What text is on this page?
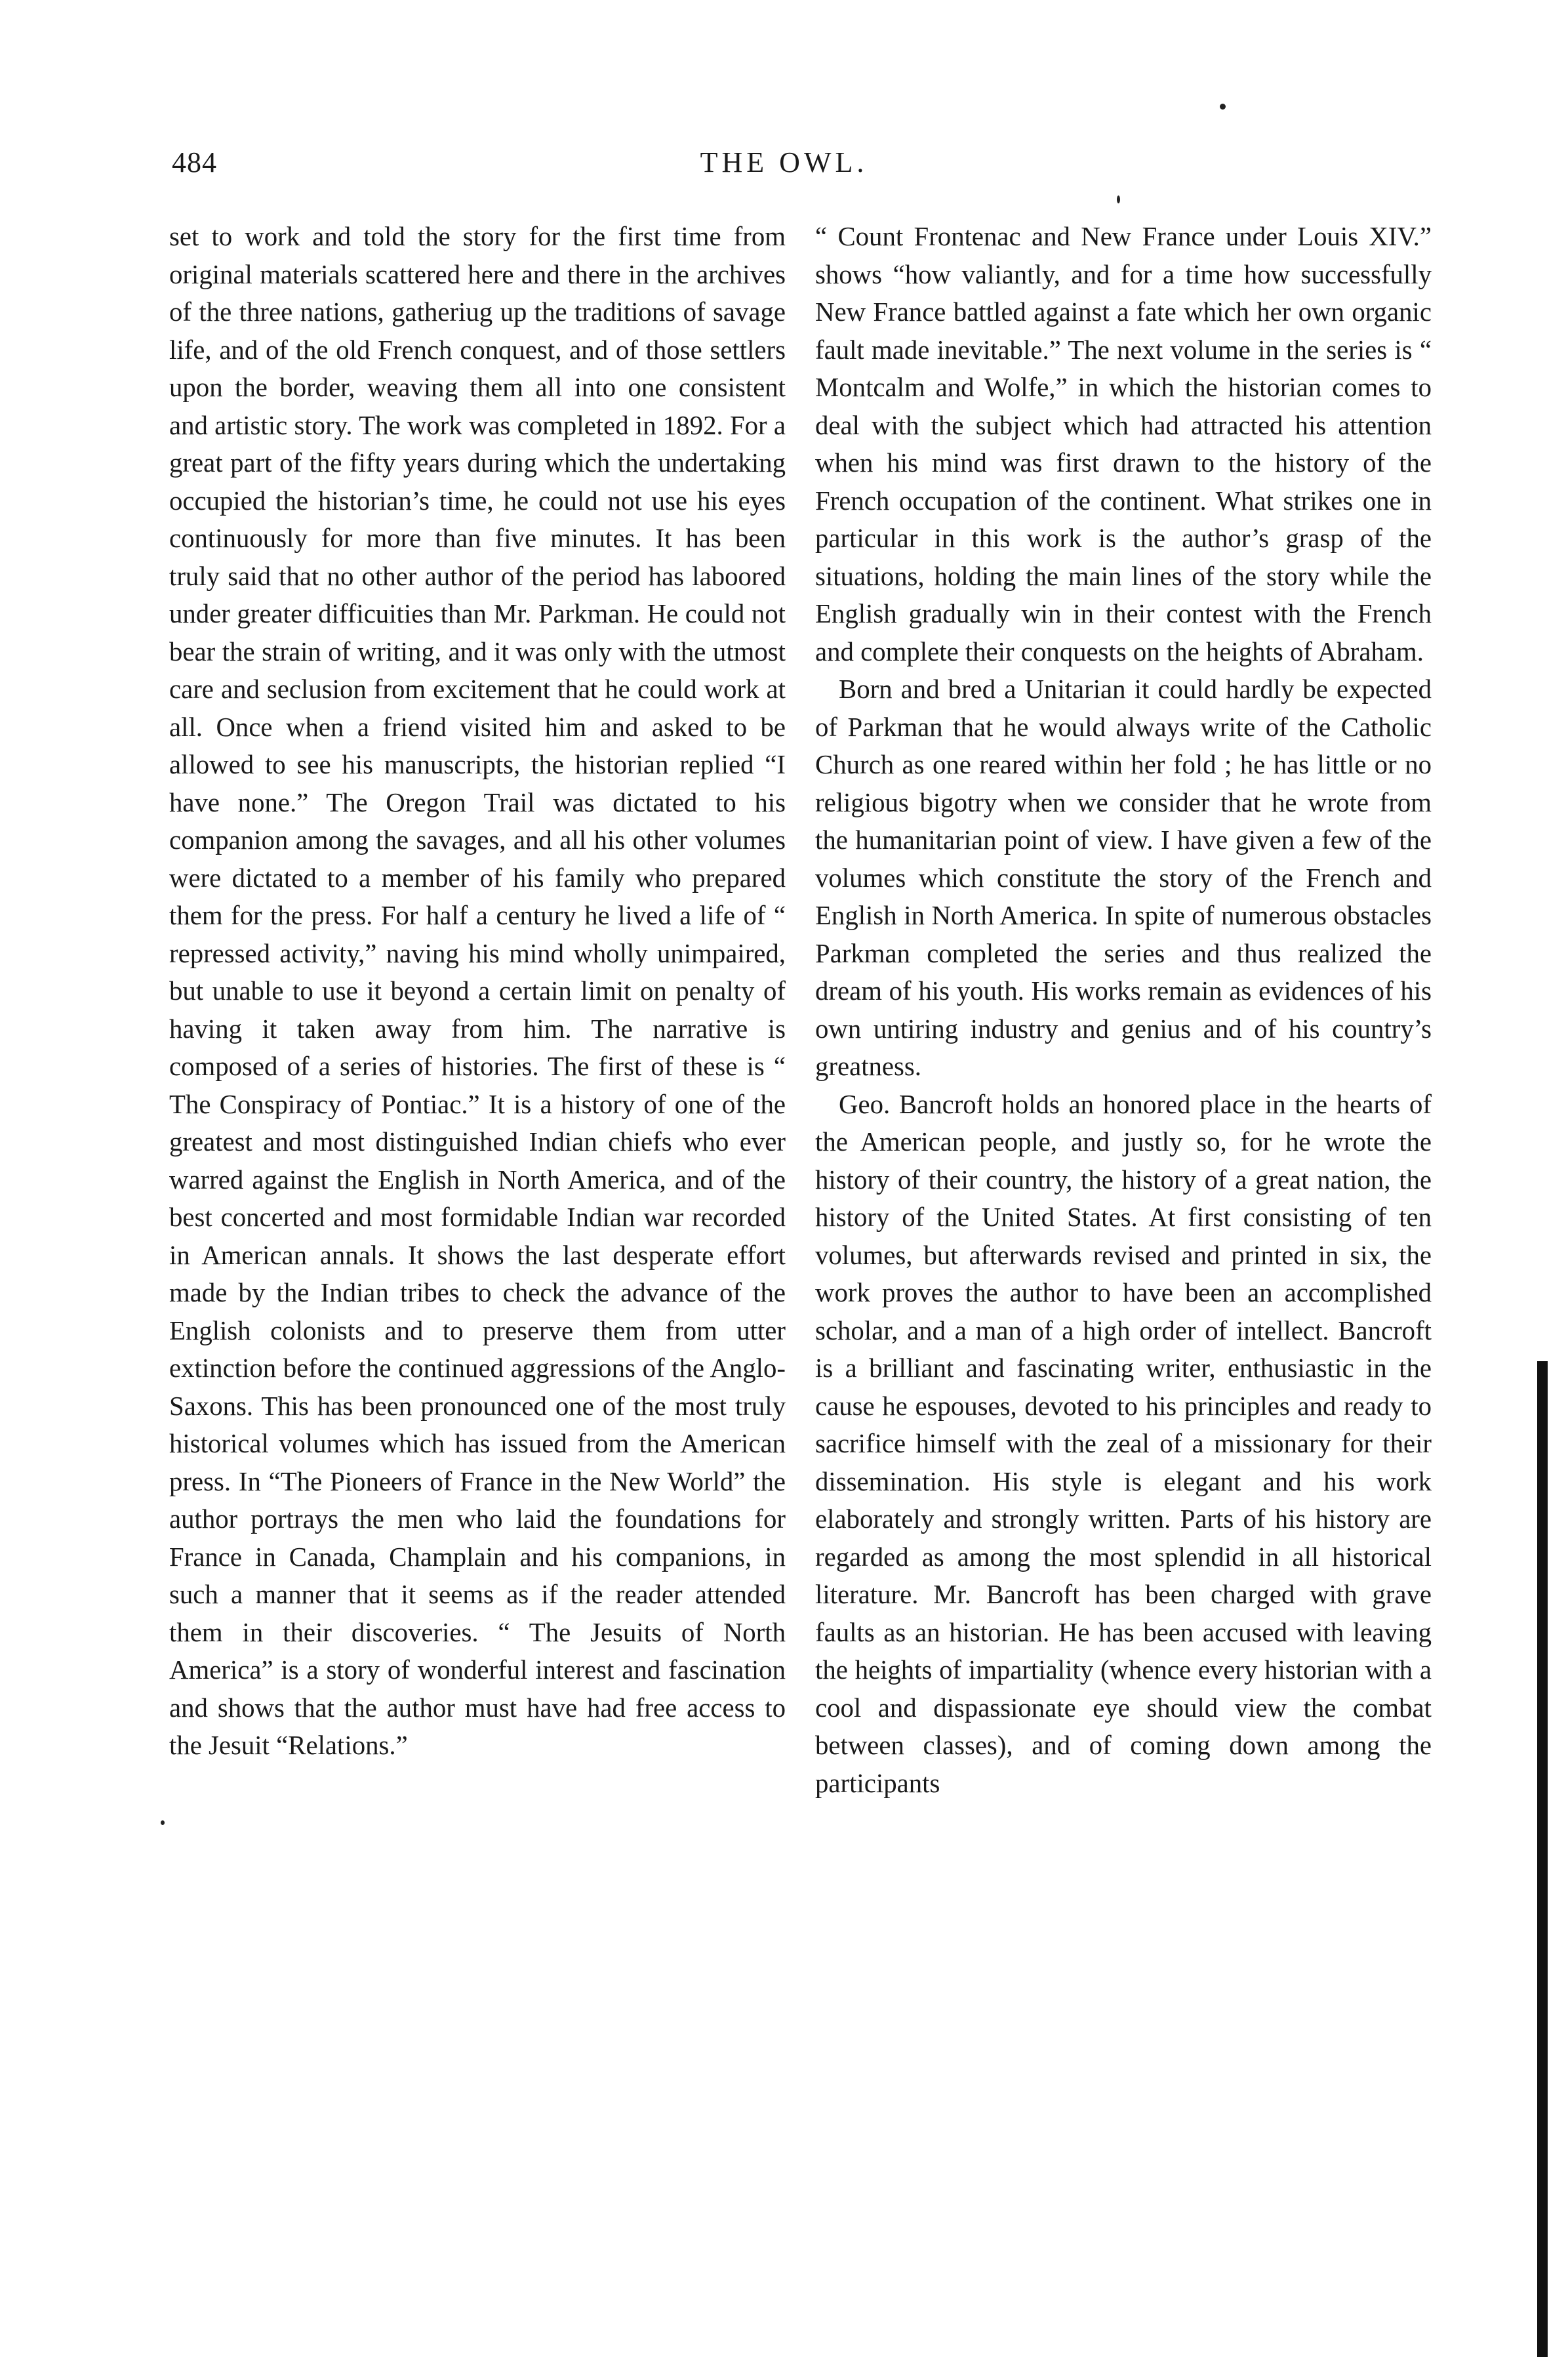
484	THE OWL.

set to work and told the story for the first time from original materials scattered here and there in the archives of the three nations, gatheriug up the traditions of savage life, and of the old French conquest, and of those settlers upon the border, weaving them all into one consistent and artistic story. The work was completed in 1892. For a great part of the fifty years during which the undertaking occupied the historian’s time, he could not use his eyes continuously for more than five minutes. It has been truly said that no other author of the period has laboored under greater difficuities than Mr. Parkman. He could not bear the strain of writing, and it was only with the utmost care and seclusion from excitement that he could work at all. Once when a friend visited him and asked to be allowed to see his manuscripts, the historian replied “I have none.” The Oregon Trail was dictated to his companion among the savages, and all his other volumes were dictated to a member of his family who prepared them for the press. For half a century he lived a life of “ repressed activity,” naving his mind wholly unimpaired, but unable to use it beyond a certain limit on penalty of having it taken away from him. The narrative is composed of a series of histories. The first of these is “ The Conspiracy of Pontiac.” It is a history of one of the greatest and most distinguished Indian chiefs who ever warred against the English in North America, and of the best concerted and most formidable Indian war recorded in American annals. It shows the last desperate effort made by the Indian tribes to check the advance of the English colonists and to preserve them from utter extinction before the continued aggressions of the Anglo-Saxons. This has been pronounced one of the most truly historical volumes which has issued from the American press. In “The Pioneers of France in the New World” the author portrays the men who laid the foundations for France in Canada, Champlain and his companions, in such a manner that it seems as if the reader attended them in their discoveries. “ The Jesuits of North America” is a story of wonderful interest and fascination and shows that the author must have had free access to the Jesuit “Relations.”

“ Count Frontenac and New France under Louis XIV.” shows “how valiantly, and for a time how successfully New France battled against a fate which her own organic fault made inevitable.” The next volume in the series is “ Montcalm and Wolfe,” in which the historian comes to deal with the subject which had attracted his attention when his mind was first drawn to the history of the French occupation of the continent. What strikes one in particular in this work is the author’s grasp of the situations, holding the main lines of the story while the English gradually win in their contest with the French and complete their conquests on the heights of Abraham.

Born and bred a Unitarian it could hardly be expected of Parkman that he would always write of the Catholic Church as one reared within her fold ; he has little or no religious bigotry when we consider that he wrote from the humanitarian point of view. I have given a few of the volumes which constitute the story of the French and English in North America. In spite of numerous obstacles Parkman completed the series and thus realized the dream of his youth. His works remain as evidences of his own untiring industry and genius and of his country’s greatness.

Geo. Bancroft holds an honored place in the hearts of the American people, and justly so, for he wrote the history of their country, the history of a great nation, the history of the United States. At first consisting of ten volumes, but afterwards revised and printed in six, the work proves the author to have been an accomplished scholar, and a man of a high order of intellect. Bancroft is a brilliant and fascinating writer, enthusiastic in the cause he espouses, devoted to his principles and ready to sacrifice himself with the zeal of a missionary for their dissemination. His style is elegant and his work elaborately and strongly written. Parts of his history are regarded as among the most splendid in all historical literature. Mr. Bancroft has been charged with grave faults as an historian. He has been accused with leaving the heights of impartiality (whence every historian with a cool and dispassionate eye should view the combat between classes), and of coming down among the participants
